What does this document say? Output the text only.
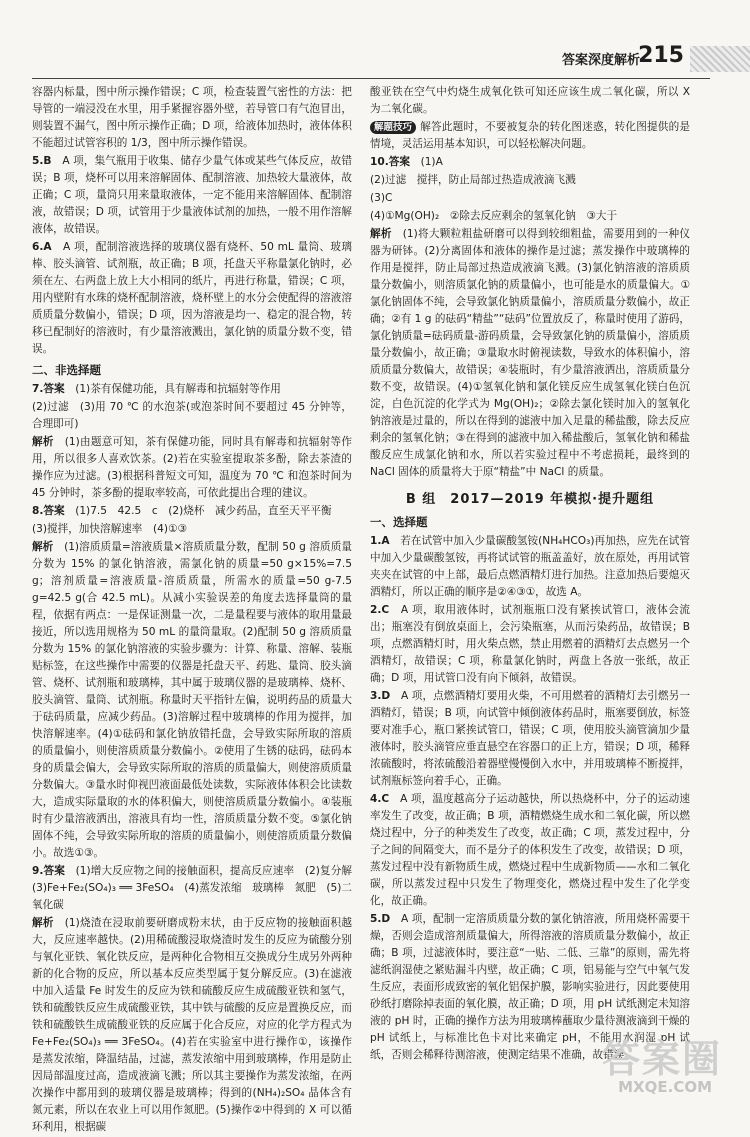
答案深度解析
215

容器内标量，图中所示操作错误；C 项，检查装置气密性的方法：把导管的一端浸没在水里，用手紧握容器外壁，若导管口有气泡冒出，则装置不漏气，图中所示操作正确；D 项，给液体加热时，液体体积不能超过试管容积的 1/3，图中所示操作错误。

5.B　 A 项，集气瓶用于收集、储存少量气体或某些气体反应，故错误；B 项，烧杯可以用来溶解固体、配制溶液、加热较大量液体，故正确；C 项，量筒只用来量取液体，一定不能用来溶解固体、配制溶液，故错误；D 项，试管用于少量液体试剂的加热，一般不用作溶解液体，故错误。

6.A　 A 项，配制溶液选择的玻璃仪器有烧杯、50 mL 量筒、玻璃棒、胶头滴管、试剂瓶，故正确；B 项，托盘天平称量氯化钠时，必须在左、右两盘上放上大小相同的纸片，再进行称量，错误；C 项，用内壁附有水珠的烧杯配制溶液，烧杯壁上的水分会使配得的溶液溶质质量分数偏小，错误；D 项，因为溶液是均一、稳定的混合物，转移已配制好的溶液时，有少量溶液溅出，氯化钠的质量分数不变，错误。

二、非选择题

7.答案　 (1)茶有保健功能，具有解毒和抗辐射等作用

(2)过滤　(3)用 70 ℃ 的水泡茶(或泡茶时间不要超过 45 分钟等，合理即可)

解析　 (1)由题意可知，茶有保健功能，同时具有解毒和抗辐射等作用，所以很多人喜欢饮茶。(2)若在实验室提取茶多酚，除去茶渣的操作应为过滤。(3)根据科普短文可知，温度为 70 ℃ 和泡茶时间为 45 分钟时，茶多酚的提取率较高，可依此提出合理的建议。

8.答案　 (1)7.5　42.5　c　(2)烧杯　减少药品，直至天平平衡

(3)搅拌，加快溶解速率　(4)①③

解析　 (1)溶质质量=溶液质量×溶质质量分数，配制 50 g 溶质质量分数为 15% 的氯化钠溶液，需氯化钠的质量=50 g×15%=7.5 g；溶剂质量=溶液质量-溶质质量，所需水的质量=50 g-7.5 g=42.5 g(合 42.5 mL)。从减小实验误差的角度去选择量筒的量程，依据有两点：一是保证测量一次，二是量程要与液体的取用量最接近，所以选用规格为 50 mL 的量筒量取。(2)配制 50 g 溶质质量分数为 15% 的氯化钠溶液的实验步骤为：计算、称量、溶解、装瓶贴标签，在这些操作中需要的仪器是托盘天平、药匙、量筒、胶头滴管、烧杯、试剂瓶和玻璃棒，其中属于玻璃仪器的是玻璃棒、烧杯、胶头滴管、量筒、试剂瓶。称量时天平指针左偏，说明药品的质量大于砝码质量，应减少药品。(3)溶解过程中玻璃棒的作用为搅拌，加快溶解速率。(4)①砝码和氯化钠放错托盘，会导致实际所取的溶质的质量偏小，则使溶质质量分数偏小。②使用了生锈的砝码，砝码本身的质量会偏大，会导致实际所取的溶质的质量偏大，则使溶质质量分数偏大。③量水时仰视凹液面最低处读数，实际液体体积会比读数大，造成实际量取的水的体积偏大，则使溶质质量分数偏小。④装瓶时有少量溶液洒出，溶液具有均一性，溶质质量分数不变。⑤氯化钠固体不纯，会导致实际所取的溶质的质量偏小，则使溶质质量分数偏小。故选①③。

9.答案　 (1)增大反应物之间的接触面积，提高反应速率　(2)复分解　(3)Fe+Fe₂(SO₄)₃ ══ 3FeSO₄　(4)蒸发浓缩　玻璃棒　氮肥　(5)二氧化碳

解析　 (1)烧渣在浸取前要研磨成粉末状，由于反应物的接触面积越大，反应速率越快。(2)用稀硫酸浸取烧渣时发生的反应为硫酸分别与氧化亚铁、氧化铁反应，是两种化合物相互交换成分生成另外两种新的化合物的反应，所以基本反应类型属于复分解反应。(3)在滤液中加入适量 Fe 时发生的反应为铁和硫酸反应生成硫酸亚铁和氢气，铁和硫酸铁反应生成硫酸亚铁，其中铁与硫酸的反应是置换反应，而铁和硫酸铁生成硫酸亚铁的反应属于化合反应，对应的化学方程式为 Fe+Fe₂(SO₄)₃ ══ 3FeSO₄。(4)若在实验室中进行操作①，该操作是蒸发浓缩，降温结晶，过滤，蒸发浓缩中用到玻璃棒，作用是防止因局部温度过高，造成液滴飞溅；所以其主要操作为蒸发浓缩，在两次操作中都用到的玻璃仪器是玻璃棒；得到的(NH₄)₂SO₄ 晶体含有氮元素，所以在农业上可以用作氮肥。(5)操作②中得到的 X 可以循环利用，根据碳

酸亚铁在空气中灼烧生成氧化铁可知还应该生成二氧化碳，所以 X 为二氧化碳。

解题技巧 解答此题时，不要被复杂的转化图迷惑，转化图提供的是情境，灵活运用基本知识，可以轻松解决问题。

10.答案　 (1)A

(2)过滤　搅拌，防止局部过热造成液滴飞溅

(3)C

(4)①Mg(OH)₂　②除去反应剩余的氢氧化钠　③大于

解析　 (1)将大颗粒粗盐研磨可以得到较细粗盐，需要用到的一种仪器为研钵。(2)分离固体和液体的操作是过滤；蒸发操作中玻璃棒的作用是搅拌，防止局部过热造成液滴飞溅。(3)氯化钠溶液的溶质质量分数偏小，则溶质氯化钠的质量偏小，也可能是水的质量偏大。①氯化钠固体不纯，会导致氯化钠质量偏小，溶质质量分数偏小，故正确；②有 1 g 的砝码“精盐”“砝码”位置放反了，称量时使用了游码，氯化钠质量=砝码质量-游码质量，会导致氯化钠的质量偏小，溶质质量分数偏小，故正确；③量取水时俯视读数，导致水的体积偏小，溶质质量分数偏大，故错误；④装瓶时，有少量溶液洒出，溶质质量分数不变，故错误。(4)①氢氧化钠和氯化镁反应生成氢氧化镁白色沉淀，白色沉淀的化学式为 Mg(OH)₂；②除去氯化镁时加入的氢氧化钠溶液是过量的，所以在得到的滤液中加入足量的稀盐酸，除去反应剩余的氢氧化钠；③在得到的滤液中加入稀盐酸后，氢氧化钠和稀盐酸反应生成氯化钠和水，所以若实验过程中不考虑损耗，最终到的 NaCl 固体的质量将大于原“精盐”中 NaCl 的质量。

B 组　2017—2019 年模拟·提升题组
一、选择题

1.A　 若在试管中加入少量碳酸氢铵(NH₄HCO₃)再加热，应先在试管中加入少量碳酸氢铵，再将试试管的瓶盖盖好，放在原处，再用试管夹夹在试管的中上部，最后点燃酒精灯进行加热。注意加热后要熄灭酒精灯，所以正确的顺序是②④③①，故选 A。

2.C　 A 项，取用液体时，试剂瓶瓶口没有紧挨试管口，液体会流出；瓶塞没有倒放桌面上，会污染瓶塞，从而污染药品，故错误；B 项，点燃酒精灯时，用火柴点燃，禁止用燃着的酒精灯去点燃另一个酒精灯，故错误；C 项，称量氯化钠时，两盘上各放一张纸，故正确；D 项，用试管口没有向下倾斜，故错误。

3.D　 A 项，点燃酒精灯要用火柴，不可用燃着的酒精灯去引燃另一酒精灯，错误；B 项，向试管中倾倒液体药品时，瓶塞要倒放，标签要对准手心，瓶口紧挨试管口，错误；C 项，使用胶头滴管滴加少量液体时，胶头滴管应垂直悬空在容器口的正上方，错误；D 项，稀释浓硫酸时，将浓硫酸沿着器壁慢慢倒入水中，并用玻璃棒不断搅拌，试剂瓶标签向着手心，正确。

4.C　 A 项，温度越高分子运动越快，所以热烧杯中，分子的运动速率发生了改变，故正确；B 项，酒精燃烧生成水和二氧化碳，所以燃烧过程中，分子的种类发生了改变，故正确；C 项，蒸发过程中，分子之间的间隔变大，而不是分子的体积发生了改变，故错误；D 项，蒸发过程中没有新物质生成，燃烧过程中生成新物质——水和二氧化碳，所以蒸发过程中只发生了物理变化，燃烧过程中发生了化学变化，故正确。

5.D　 A 项，配制一定溶质质量分数的氯化钠溶液，所用烧杯需要干燥，否则会造成溶剂质量偏大，所得溶液的溶质质量分数偏小，故正确；B 项，过滤液体时，要注意“一贴、二低、三靠”的原则，需先将滤纸润湿使之紧贴漏斗内壁，故正确；C 项，铝易能与空气中氧气发生反应，表面形成致密的氧化铝保护膜，影响实验进行，因此要使用砂纸打磨除掉表面的氧化膜，故正确；D 项，用 pH 试纸测定未知溶液的 pH 时，正确的操作方法为用玻璃棒蘸取少量待测液滴到干燥的 pH 试纸上，与标准比色卡对比来确定 pH，不能用水润湿 pH 试纸，否则会稀释待测溶液，使测定结果不准确，故错误。

答案圈
MXQE.COM
